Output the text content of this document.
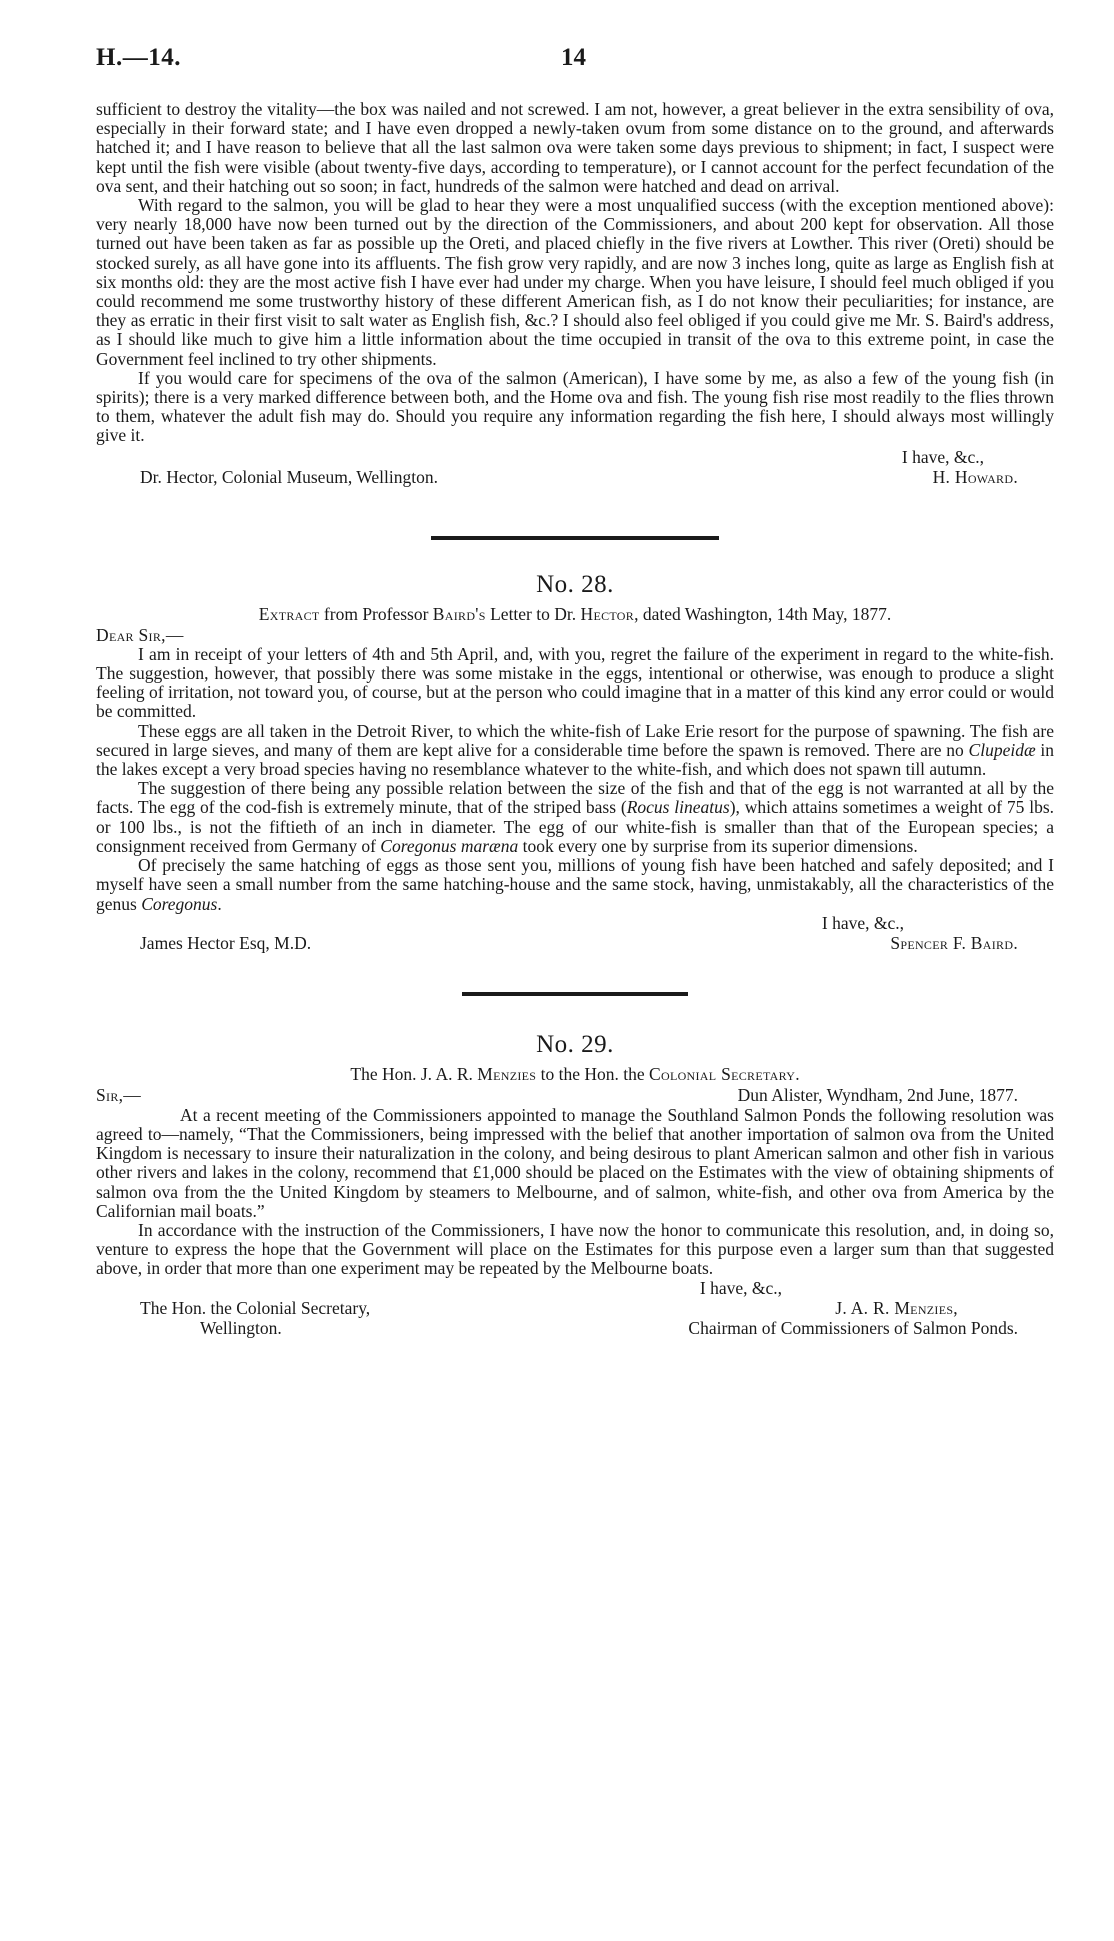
H.—14.	14

sufficient to destroy the vitality—the box was nailed and not screwed. I am not, however, a great believer in the extra sensibility of ova, especially in their forward state; and I have even dropped a newly-taken ovum from some distance on to the ground, and afterwards hatched it; and I have reason to believe that all the last salmon ova were taken some days previous to shipment; in fact, I suspect were kept until the fish were visible (about twenty-five days, according to temperature), or I cannot account for the perfect fecundation of the ova sent, and their hatching out so soon; in fact, hundreds of the salmon were hatched and dead on arrival.

With regard to the salmon, you will be glad to hear they were a most unqualified success (with the exception mentioned above): very nearly 18,000 have now been turned out by the direction of the Commissioners, and about 200 kept for observation. All those turned out have been taken as far as possible up the Oreti, and placed chiefly in the five rivers at Lowther. This river (Oreti) should be stocked surely, as all have gone into its affluents. The fish grow very rapidly, and are now 3 inches long, quite as large as English fish at six months old: they are the most active fish I have ever had under my charge. When you have leisure, I should feel much obliged if you could recommend me some trustworthy history of these different American fish, as I do not know their peculiarities; for instance, are they as erratic in their first visit to salt water as English fish, &c.? I should also feel obliged if you could give me Mr. S. Baird's address, as I should like much to give him a little information about the time occupied in transit of the ova to this extreme point, in case the Government feel inclined to try other shipments.

If you would care for specimens of the ova of the salmon (American), I have some by me, as also a few of the young fish (in spirits); there is a very marked difference between both, and the Home ova and fish. The young fish rise most readily to the flies thrown to them, whatever the adult fish may do. Should you require any information regarding the fish here, I should always most willingly give it.

I have, &c.,
Dr. Hector, Colonial Museum, Wellington.	H. Howard.
No. 28.
Extract from Professor Baird's Letter to Dr. Hector, dated Washington, 14th May, 1877.
Dear Sir,—

I am in receipt of your letters of 4th and 5th April, and, with you, regret the failure of the experiment in regard to the white-fish. The suggestion, however, that possibly there was some mistake in the eggs, intentional or otherwise, was enough to produce a slight feeling of irritation, not toward you, of course, but at the person who could imagine that in a matter of this kind any error could or would be committed.

These eggs are all taken in the Detroit River, to which the white-fish of Lake Erie resort for the purpose of spawning. The fish are secured in large sieves, and many of them are kept alive for a considerable time before the spawn is removed. There are no Clupeidæ in the lakes except a very broad species having no resemblance whatever to the white-fish, and which does not spawn till autumn.

The suggestion of there being any possible relation between the size of the fish and that of the egg is not warranted at all by the facts. The egg of the cod-fish is extremely minute, that of the striped bass (Rocus lineatus), which attains sometimes a weight of 75 lbs. or 100 lbs., is not the fiftieth of an inch in diameter. The egg of our white-fish is smaller than that of the European species; a consignment received from Germany of Coregonus maræna took every one by surprise from its superior dimensions.

Of precisely the same hatching of eggs as those sent you, millions of young fish have been hatched and safely deposited; and I myself have seen a small number from the same hatching-house and the same stock, having, unmistakably, all the characteristics of the genus Coregonus.

I have, &c.,
James Hector Esq, M.D.	Spencer F. Baird.
No. 29.
The Hon. J. A. R. Menzies to the Hon. the Colonial Secretary.
Sir,—	Dun Alister, Wyndham, 2nd June, 1877.

At a recent meeting of the Commissioners appointed to manage the Southland Salmon Ponds the following resolution was agreed to—namely, “That the Commissioners, being impressed with the belief that another importation of salmon ova from the United Kingdom is necessary to insure their naturalization in the colony, and being desirous to plant American salmon and other fish in various other rivers and lakes in the colony, recommend that £1,000 should be placed on the Estimates with the view of obtaining shipments of salmon ova from the the United Kingdom by steamers to Melbourne, and of salmon, white-fish, and other ova from America by the Californian mail boats.”

In accordance with the instruction of the Commissioners, I have now the honor to communicate this resolution, and, in doing so, venture to express the hope that the Government will place on the Estimates for this purpose even a larger sum than that suggested above, in order that more than one experiment may be repeated by the Melbourne boats.

I have, &c.,
The Hon. the Colonial Secretary,	J. A. R. Menzies,
Wellington.	Chairman of Commissioners of Salmon Ponds.
